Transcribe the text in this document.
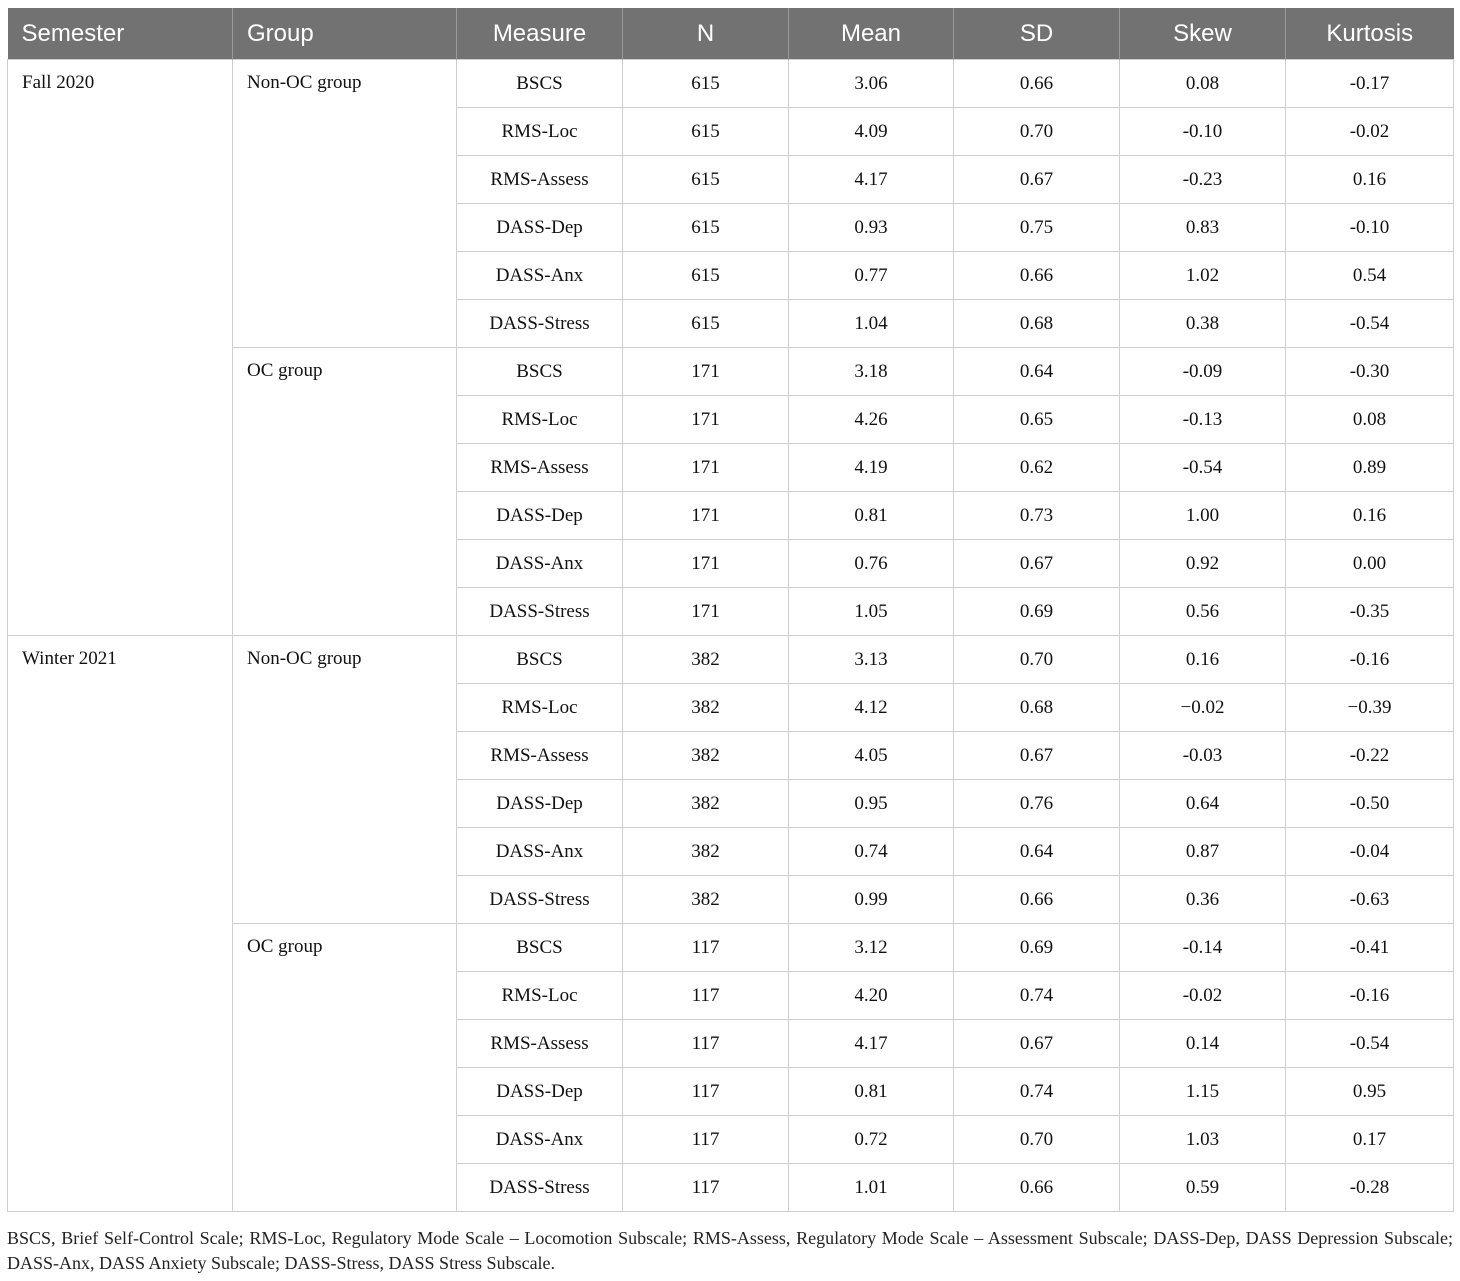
Semester	Group	Measure	N	Mean	SD	Skew	Kurtosis
Fall 2020	Non-OC group	BSCS	615	3.06	0.66	0.08	-0.17
		RMS-Loc	615	4.09	0.70	-0.10	-0.02
		RMS-Assess	615	4.17	0.67	-0.23	0.16
		DASS-Dep	615	0.93	0.75	0.83	-0.10
		DASS-Anx	615	0.77	0.66	1.02	0.54
		DASS-Stress	615	1.04	0.68	0.38	-0.54
	OC group	BSCS	171	3.18	0.64	-0.09	-0.30
		RMS-Loc	171	4.26	0.65	-0.13	0.08
		RMS-Assess	171	4.19	0.62	-0.54	0.89
		DASS-Dep	171	0.81	0.73	1.00	0.16
		DASS-Anx	171	0.76	0.67	0.92	0.00
		DASS-Stress	171	1.05	0.69	0.56	-0.35
Winter 2021	Non-OC group	BSCS	382	3.13	0.70	0.16	-0.16
		RMS-Loc	382	4.12	0.68	−0.02	−0.39
		RMS-Assess	382	4.05	0.67	-0.03	-0.22
		DASS-Dep	382	0.95	0.76	0.64	-0.50
		DASS-Anx	382	0.74	0.64	0.87	-0.04
		DASS-Stress	382	0.99	0.66	0.36	-0.63
	OC group	BSCS	117	3.12	0.69	-0.14	-0.41
		RMS-Loc	117	4.20	0.74	-0.02	-0.16
		RMS-Assess	117	4.17	0.67	0.14	-0.54
		DASS-Dep	117	0.81	0.74	1.15	0.95
		DASS-Anx	117	0.72	0.70	1.03	0.17
		DASS-Stress	117	1.01	0.66	0.59	-0.28
BSCS, Brief Self-Control Scale; RMS-Loc, Regulatory Mode Scale – Locomotion Subscale; RMS-Assess, Regulatory Mode Scale – Assessment Subscale; DASS-Dep, DASS Depression Subscale; DASS-Anx, DASS Anxiety Subscale; DASS-Stress, DASS Stress Subscale.
